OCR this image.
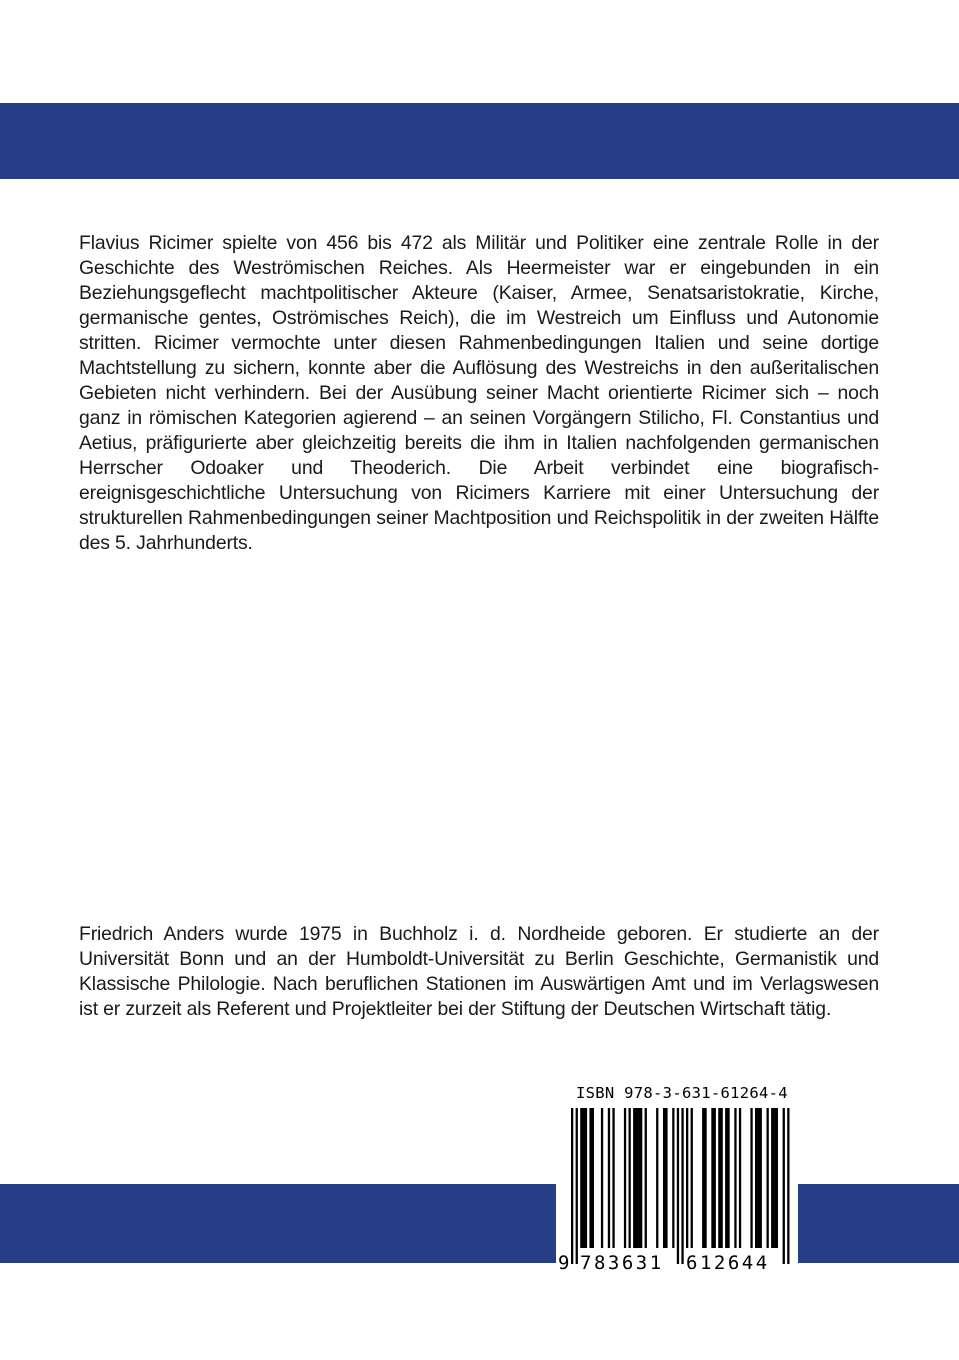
Flavius Ricimer spielte von 456 bis 472 als Militär und Politiker eine zentrale Rolle in der Geschichte des Weströmischen Reiches. Als Heermeister war er eingebunden in ein Beziehungsgeflecht machtpolitischer Akteure (Kaiser, Armee, Senatsaristokratie, Kirche, germanische gentes, Oströmisches Reich), die im Westreich um Einfluss und Autonomie stritten. Ricimer vermochte unter diesen Rahmenbedingungen Italien und seine dortige Machtstellung zu sichern, konnte aber die Auflösung des Westreichs in den außeritalischen Gebieten nicht verhindern. Bei der Ausübung seiner Macht orientierte Ricimer sich – noch ganz in römischen Kategorien agierend – an seinen Vorgängern Stilicho, Fl. Constantius und Aetius, präfigurierte aber gleichzeitig bereits die ihm in Italien nachfolgenden germanischen Herrscher Odoaker und Theoderich. Die Arbeit verbindet eine biografisch-ereignisgeschichtliche Untersuchung von Ricimers Karriere mit einer Untersuchung der strukturellen Rahmenbedingungen seiner Machtposition und Reichspolitik in der zweiten Hälfte des 5. Jahrhunderts.

Friedrich Anders wurde 1975 in Buchholz i. d. Nordheide geboren. Er studierte an der Universität Bonn und an der Humboldt-Universität zu Berlin Geschichte, Germanistik und Klassische Philologie. Nach beruflichen Stationen im Auswärtigen Amt und im Verlagswesen ist er zurzeit als Referent und Projektleiter bei der Stiftung der Deutschen Wirtschaft tätig.

ISBN 978-3-631-61264-4
9 783631 612644
